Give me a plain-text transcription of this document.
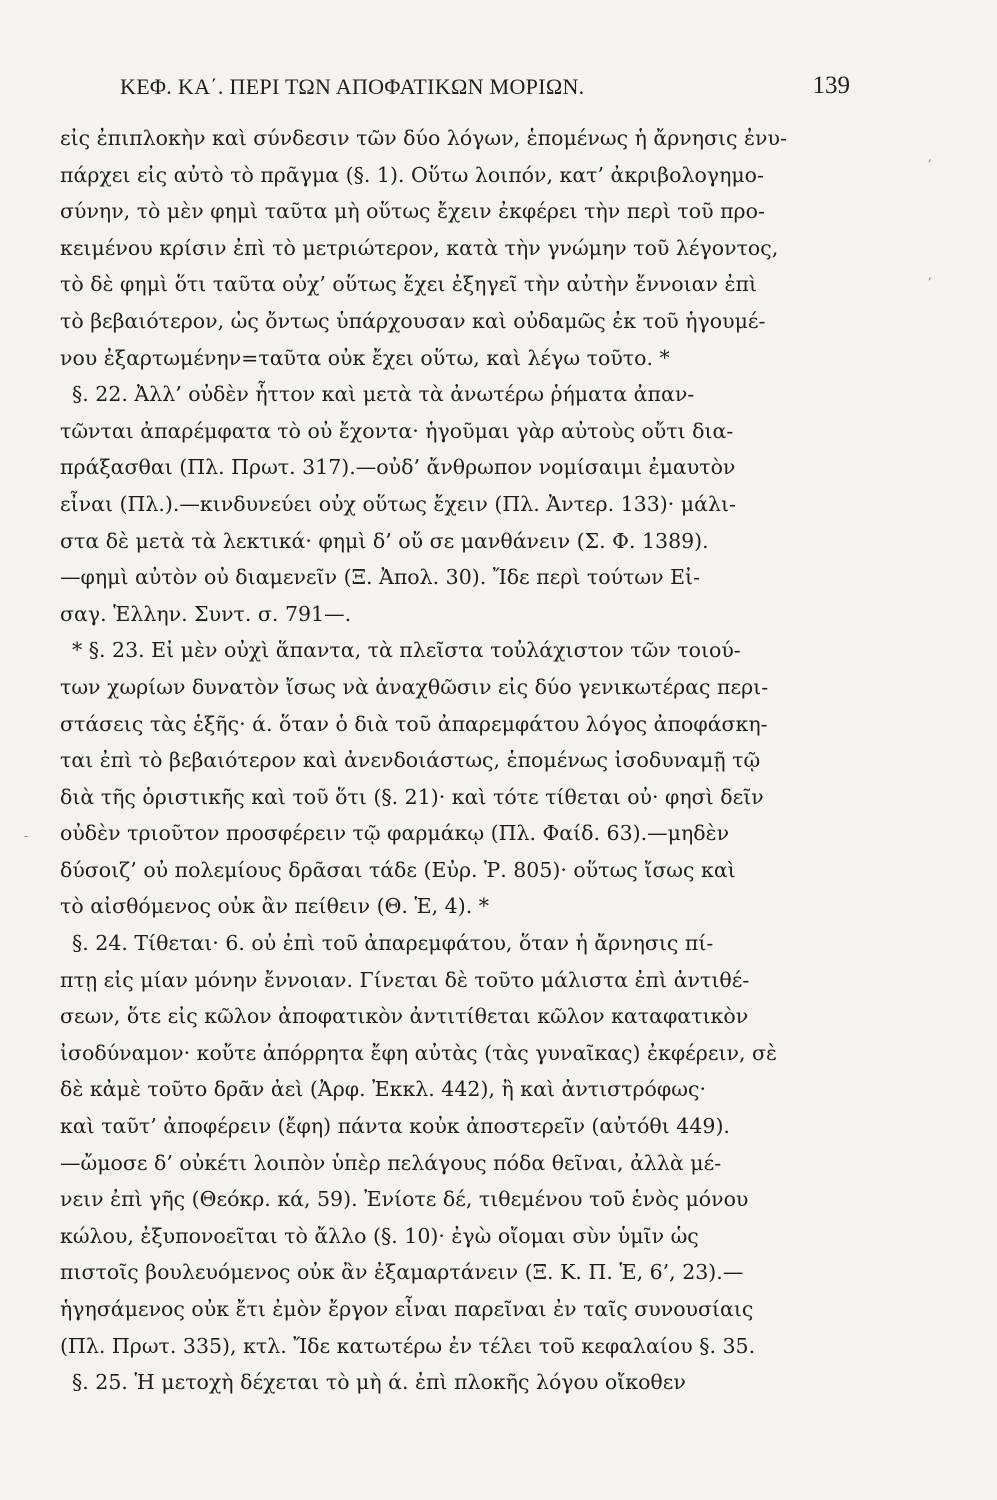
ΚΕΦ. ΚΑ΄. ΠΕΡΙ ΤΩΝ ΑΠΟΦΑΤΙΚΩΝ ΜΟΡΙΩΝ.	139
εἰς ἐπιπλοκὴν καὶ σύνδεσιν τῶν δύο λόγων, ἑπομένως ἡ ἄρνησις ἐνυ-
πάρχει εἰς αὐτὸ τὸ πρᾶγμα (§. 1). Οὕτω λοιπόν, κατ’ ἀκριβολογημο-
σύνην, τὸ μὲν φημὶ ταῦτα μὴ οὕτως ἔχειν ἐκφέρει τὴν περὶ τοῦ προ-
κειμένου κρίσιν ἐπὶ τὸ μετριώτερον, κατὰ τὴν γνώμην τοῦ λέγοντος,
τὸ δὲ φημὶ ὅτι ταῦτα οὐχ’ οὕτως ἔχει ἐξηγεῖ τὴν αὐτὴν ἔννοιαν ἐπὶ
τὸ βεβαιότερον, ὡς ὄντως ὑπάρχουσαν καὶ οὐδαμῶς ἐκ τοῦ ἡγουμέ-
νου ἐξαρτωμένην=ταῦτα οὐκ ἔχει οὕτω, καὶ λέγω τοῦτο. *
§. 22. Ἀλλ’ οὐδὲν ἧττον καὶ μετὰ τὰ ἀνωτέρω ῥήματα ἀπαν-
τῶνται ἀπαρέμφατα τὸ οὐ ἔχοντα· ἡγοῦμαι γὰρ αὐτοὺς οὔτι δια-
πράξασθαι (Πλ. Πρωτ. 317).—οὐδ’ ἄνθρωπον νομίσαιμι ἐμαυτὸν
εἶναι (Πλ.).—κινδυνεύει οὐχ οὕτως ἔχειν (Πλ. Ἀντερ. 133)· μάλι-
στα δὲ μετὰ τὰ λεκτικά· φημὶ δ’ οὔ σε μανθάνειν (Σ. Φ. 1389).
—φημὶ αὐτὸν οὐ διαμενεῖν (Ξ. Ἀπολ. 30). Ἴδε περὶ τούτων Εἰ-
σαγ. Ἑλλην. Συντ. σ. 791—.
* §. 23. Εἰ μὲν οὐχὶ ἅπαντα, τὰ πλεῖστα τοὐλάχιστον τῶν τοιού-
των χωρίων δυνατὸν ἴσως νὰ ἀναχθῶσιν εἰς δύο γενικωτέρας περι-
στάσεις τὰς ἑξῆς· ά. ὅταν ὁ διὰ τοῦ ἀπαρεμφάτου λόγος ἀποφάσκη-
ται ἐπὶ τὸ βεβαιότερον καὶ ἀνενδοιάστως, ἑπομένως ἰσοδυναμῇ τῷ
διὰ τῆς ὁριστικῆς καὶ τοῦ ὅτι (§. 21)· καὶ τότε τίθεται οὐ· φησὶ δεῖν
οὐδὲν τριοῦτον προσφέρειν τῷ φαρμάκῳ (Πλ. Φαίδ. 63).—μηδὲν
δύσοιζ’ οὐ πολεμίους δρᾶσαι τάδε (Εὐρ. Ῥ. 805)· οὕτως ἴσως καὶ
τὸ αἰσθόμενος οὐκ ἂν πείθειν (Θ. Ἑ, 4). *
§. 24. Τίθεται· 6. οὐ ἐπὶ τοῦ ἀπαρεμφάτου, ὅταν ἡ ἄρνησις πί-
πτῃ εἰς μίαν μόνην ἔννοιαν. Γίνεται δὲ τοῦτο μάλιστα ἐπὶ ἀντιθέ-
σεων, ὅτε εἰς κῶλον ἀποφατικὸν ἀντιτίθεται κῶλον καταφατικὸν
ἰσοδύναμον· κοὔτε ἀπόρρητα ἔφη αὐτὰς (τὰς γυναῖκας) ἐκφέρειν, σὲ
δὲ κἀμὲ τοῦτο δρᾶν ἀεὶ (Ἀρφ. Ἐκκλ. 442), ἢ καὶ ἀντιστρόφως·
καὶ ταῦτ’ ἀποφέρειν (ἔφη) πάντα κοὐκ ἀποστερεῖν (αὐτόθι 449).
—ὤμοσε δ’ οὐκέτι λοιπὸν ὑπὲρ πελάγους πόδα θεῖναι, ἀλλὰ μέ-
νειν ἐπὶ γῆς (Θεόκρ. κά, 59). Ἐνίοτε δέ, τιθεμένου τοῦ ἑνὸς μόνου
κώλου, ἐξυπονοεῖται τὸ ἄλλο (§. 10)· ἐγὼ οἴομαι σὺν ὑμῖν ὡς
πιστοῖς βουλευόμενος οὐκ ἂν ἐξαμαρτάνειν (Ξ. Κ. Π. Ἑ, 6’, 23).—
ἡγησάμενος οὐκ ἔτι ἐμὸν ἔργον εἶναι παρεῖναι ἐν ταῖς συνουσίαις
(Πλ. Πρωτ. 335), κτλ. Ἴδε κατωτέρω ἐν τέλει τοῦ κεφαλαίου §. 35.
§. 25. Ἡ μετοχὴ δέχεται τὸ μὴ ά. ἐπὶ πλοκῆς λόγου οἴκοθεν
,
,
-
